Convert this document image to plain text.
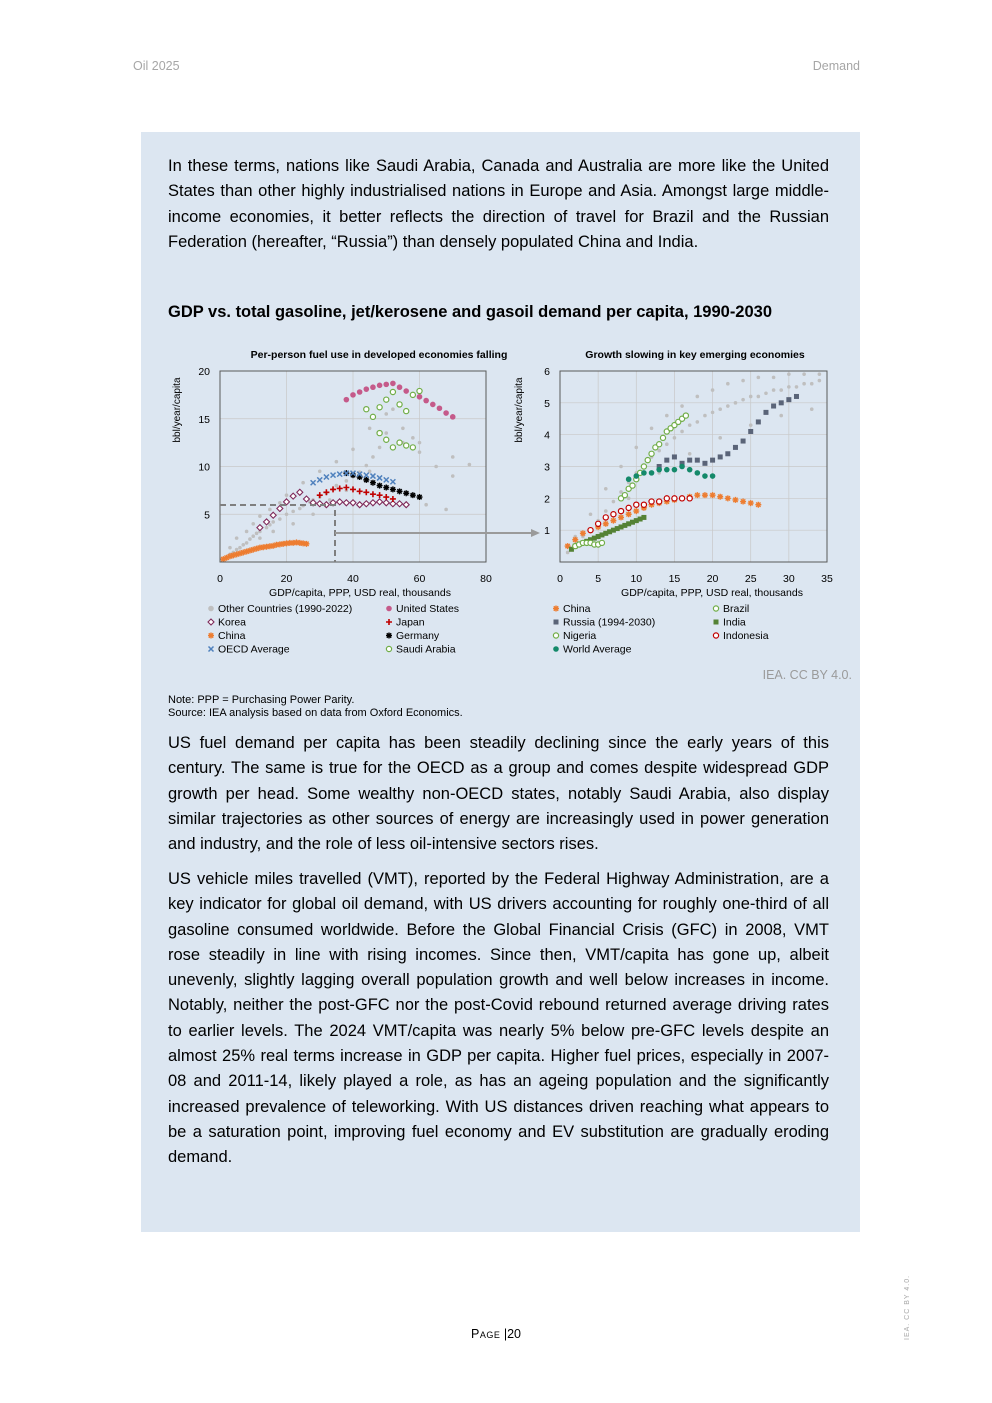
Oil 2025	Demand

In these terms, nations like Saudi Arabia, Canada and Australia are more like the United States than other highly industrialised nations in Europe and Asia. Amongst large middle-income economies, it better reflects the direction of travel for Brazil and the Russian Federation (hereafter, “Russia”) than densely populated China and India.

GDP vs. total gasoline, jet/kerosene and gasoil demand per capita, 1990-2030
Per-person fuel use in developed economies falling
bbl/year/capita
GDP/capita, PPP, USD real, thousands
0	20	40	60	80
5
10
15
20
Growth slowing in key emerging economies
bbl/year/capita
GDP/capita, PPP, USD real, thousands
0	5	10	15	20	25	30	35
1
2
3
4
5
6
Other Countries (1990-2022)	United States
Korea	Japan
China	Germany
OECD Average	Saudi Arabia
China	Brazil
Russia (1994-2030)	India
Nigeria	Indonesia
World Average
IEA. CC BY 4.0.
Note: PPP = Purchasing Power Parity.
Source: IEA analysis based on data from Oxford Economics.

US fuel demand per capita has been steadily declining since the early years of this century. The same is true for the OECD as a group and comes despite widespread GDP growth per head. Some wealthy non-OECD states, notably Saudi Arabia, also display similar trajectories as other sources of energy are increasingly used in power generation and industry, and the role of less oil-intensive sectors rises.

US vehicle miles travelled (VMT), reported by the Federal Highway Administration, are a key indicator for global oil demand, with US drivers accounting for roughly one-third of all gasoline consumed worldwide. Before the Global Financial Crisis (GFC) in 2008, VMT rose steadily in line with rising incomes. Since then, VMT/capita has gone up, albeit unevenly, slightly lagging overall population growth and well below increases in income. Notably, neither the post-GFC nor the post-Covid rebound returned average driving rates to earlier levels. The 2024 VMT/capita was nearly 5% below pre-GFC levels despite an almost 25% real terms increase in GDP per capita. Higher fuel prices, especially in 2007-08 and 2011-14, likely played a role, as has an ageing population and the significantly increased prevalence of teleworking. With US distances driven reaching what appears to be a saturation point, improving fuel economy and EV substitution are gradually eroding demand.

Page |20	IEA. CC BY 4.0.
